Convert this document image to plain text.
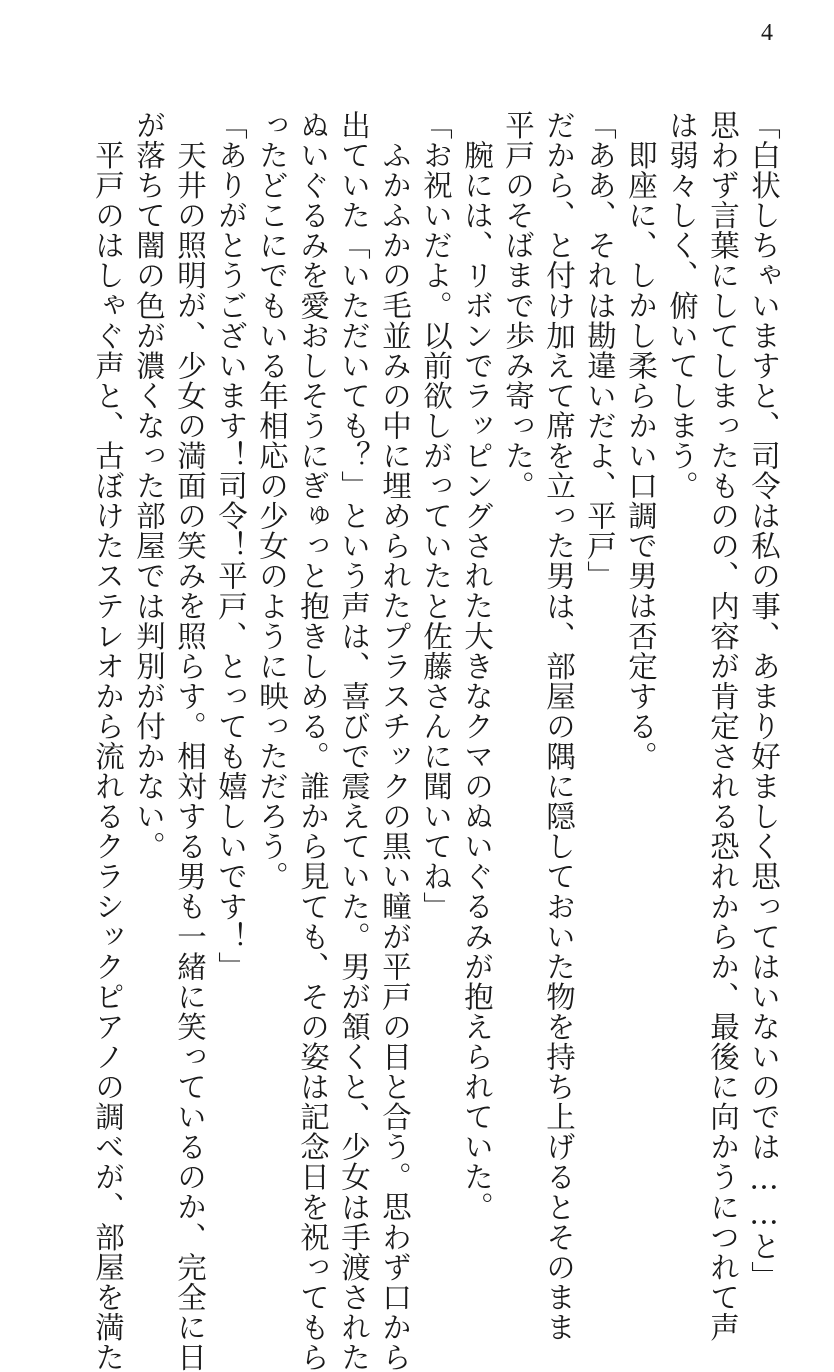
4
「白状しちゃいますと、司令は私の事、あまり好ましく思ってはいないのでは……と」
思わず言葉にしてしまったものの、内容が肯定される恐れからか、最後に向かうにつれて声
は弱々しく、俯いてしまう。
即座に、しかし柔らかい口調で男は否定する。
「ああ、それは勘違いだよ、平戸」
だから、と付け加えて席を立った男は、部屋の隅に隠しておいた物を持ち上げるとそのまま
平戸のそばまで歩み寄った。
腕には、リボンでラッピングされた大きなクマのぬいぐるみが抱えられていた。
「お祝いだよ。以前欲しがっていたと佐藤さんに聞いてね」
ふかふかの毛並みの中に埋められたプラスチックの黒い瞳が平戸の目と合う。思わず口から
出ていた「いただいても？」という声は、喜びで震えていた。男が頷くと、少女は手渡された
ぬいぐるみを愛おしそうにぎゅっと抱きしめる。誰から見ても、その姿は記念日を祝ってもら
ったどこにでもいる年相応の少女のように映っただろう。
「ありがとうございます！司令！平戸、とっても嬉しいです！」
天井の照明が、少女の満面の笑みを照らす。相対する男も一緒に笑っているのか、完全に日
が落ちて闇の色が濃くなった部屋では判別が付かない。
平戸のはしゃぐ声と、古ぼけたステレオから流れるクラシックピアノの調べが、部屋を満た
